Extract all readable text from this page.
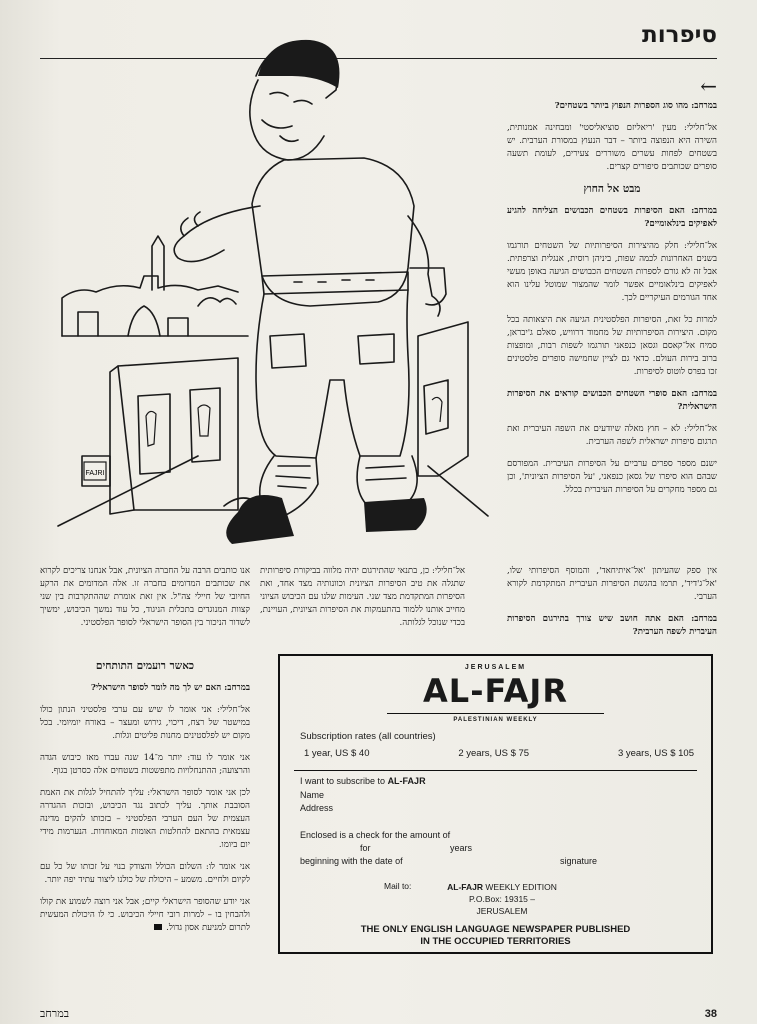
סיפרות
←
FAJRI

במרחב: מהו סוג הספרות הנפוץ ביותר בשטחים?

אל־חלילי: מעין 'ריאליזם סוציאליסטי' ומבחינה אמנותית, השירה היא הנפוצה ביותר – דבר הנעוץ במסורת הערבית. יש בשטחים לפחות עשרים משוררים צעירים, לעומת תשעה סופרים שכותבים סיפורים קצרים.

מבט אל החוץ

במרחב: האם הסיפרות בשטחים הכבושים הצליחה להגיע לאפיקים בינלאומיים?

אל־חלילי: חלק מהיצירות הסיפרותיות של השטחים תורגמו בשנים האחרונות לכמה שפות, ביניהן רוסית, אנגלית וצרפתית. אבל זה לא גורם לספרות השטחים הכבושים הגיעה באופן מעשי לאפיקים בינלאומיים אפשר לומר שהמצור שמוטל עלינו הוא אחד הגורמים העיקריים לכך.

למרות כל זאת, הסיפרות הפלסטינית הגיעה את היצאותה בכל מקום. היצירות הסיפרותיות של מחמוד דרוויש, סאלם ג'יבראן, סמיח אל־קאסם וגסאן כנפאני תורגמו לשפות רבות, ומופצות ברוב בירות העולם. כדאי גם לציין שחמישה סופרים פלסטינים זכו בפרס לוטוס לסיפרות.

במרחב: האם סופרי השטחים הכבושים קוראים את הסיפרות הישראלית?

אל־חלילי: לא – חוץ מאלה שיודעים את השפה העיברית ואת תרגום סיפרות ישראלית לשפה הערבית.

ישנם מספר ספרים ערביים על הסיפרות העיברית. המפורסם שבהם הוא סיפרו של גסאן כנפאני, 'על הסיפרות הציונית', וכן גם מספר מחקרים על הסיפרות העיברית בכלל.

אין ספק שהעיתון 'אל־איתיחאד', והמוסף הסיפרותי שלו, 'אל־ג'דיד', תרמו בהגשת הסיפרות העיברית המתקדמת לקורא הערבי.

במרחב: האם אתה חושב שיש צורך בתירגום הסיפרות העיברית לשפה הערבית?

אל־חלילי: כן, בתנאי שהתירגום יהיה מלווה בביקורת סיפרותית שתגלה את טיב הסיפרות הציונית וכוונותיה מצד אחד, ואת הסיפרות המתקדמת מצד שני. העימות שלנו עם הכיבוש הציוני מחייב אותנו ללמוד בהתעמקות את הסיפרות הציונית, העויינת, בכדי שנוכל לגלותה.

אנו כותבים הרבה על החברה הציונית, אבל אנחנו צריכים לקרוא את שכותבים המדומים בחברה זו. אלה המדומים את הרקע החיובי של חיילי צה"ל. אין זאת אומרת שההתקרבות בין שני קצוות המנוגדים בתכלית הניגוד, כל עוד נמשך הכיבוש, ימשיך לשדור הניכור בין הסופר הישראלי לסופר הפלסטיני.

כאשר רועמים התותחים

במרחב: האם יש לך מה לומר לסופר הישראלי?

אל־חלילי: אני אומר לו שיש עם ערבי פלסטיני הנתון כולו במישטר של רצח, דיכוי, גירוש ומעצר – באורח יומיומי. בכל מקום יש לפלסטינים מחנות פליטים וגלות.

אני אומר לו עוד: יותר מ־14 שנה עברו מאז כיבוש הגדה והרצועה; ההתנחלויות מתפשטות בשטחים אלה כסרטן בגוף.

לכן אני אומר לסופר הישראלי: עליך להתחיל לגלות את האמת הסובבת אותך. עליך לכתוב נגד הכיבוש, ובזכות ההגדרה העצמית של העם הערבי הפלסטיני – בזכותו להקים מדינה עצמאית בהתאם להחלטות האומות המאוחדות. הנערמות מידי יום ביומו.

אני אומר לו: השלום הכולל והצודק בנוי על זכותו של כל עם לקיום ולחיים. משמע – היכולת של כולנו ליצור עתיד יפה יותר.

אני יודע שהסופר הישראלי קיים; אבל אני רוצה לשמוע את קולו ולהבחין בו – למרות רובי חיילי הכיבוש. כי לו היכולת המעשית לתרום למניעת אסון גדול.

JERUSALEM
AL-FAJR
PALESTINIAN WEEKLY
Subscription rates (all countries)
1 year, US $ 40	2 years, US $ 75	3 years, US $ 105
I want to subscribe to AL-FAJR
Name
Address
Enclosed is a check for the amount of
for	years
beginning with the date of	signature
Mail to:	AL-FAJR WEEKLY EDITION
P.O.Box: 19315 –
JERUSALEM
THE ONLY ENGLISH LANGUAGE NEWSPAPER PUBLISHED
IN THE OCCUPIED TERRITORIES
38
במרחב
